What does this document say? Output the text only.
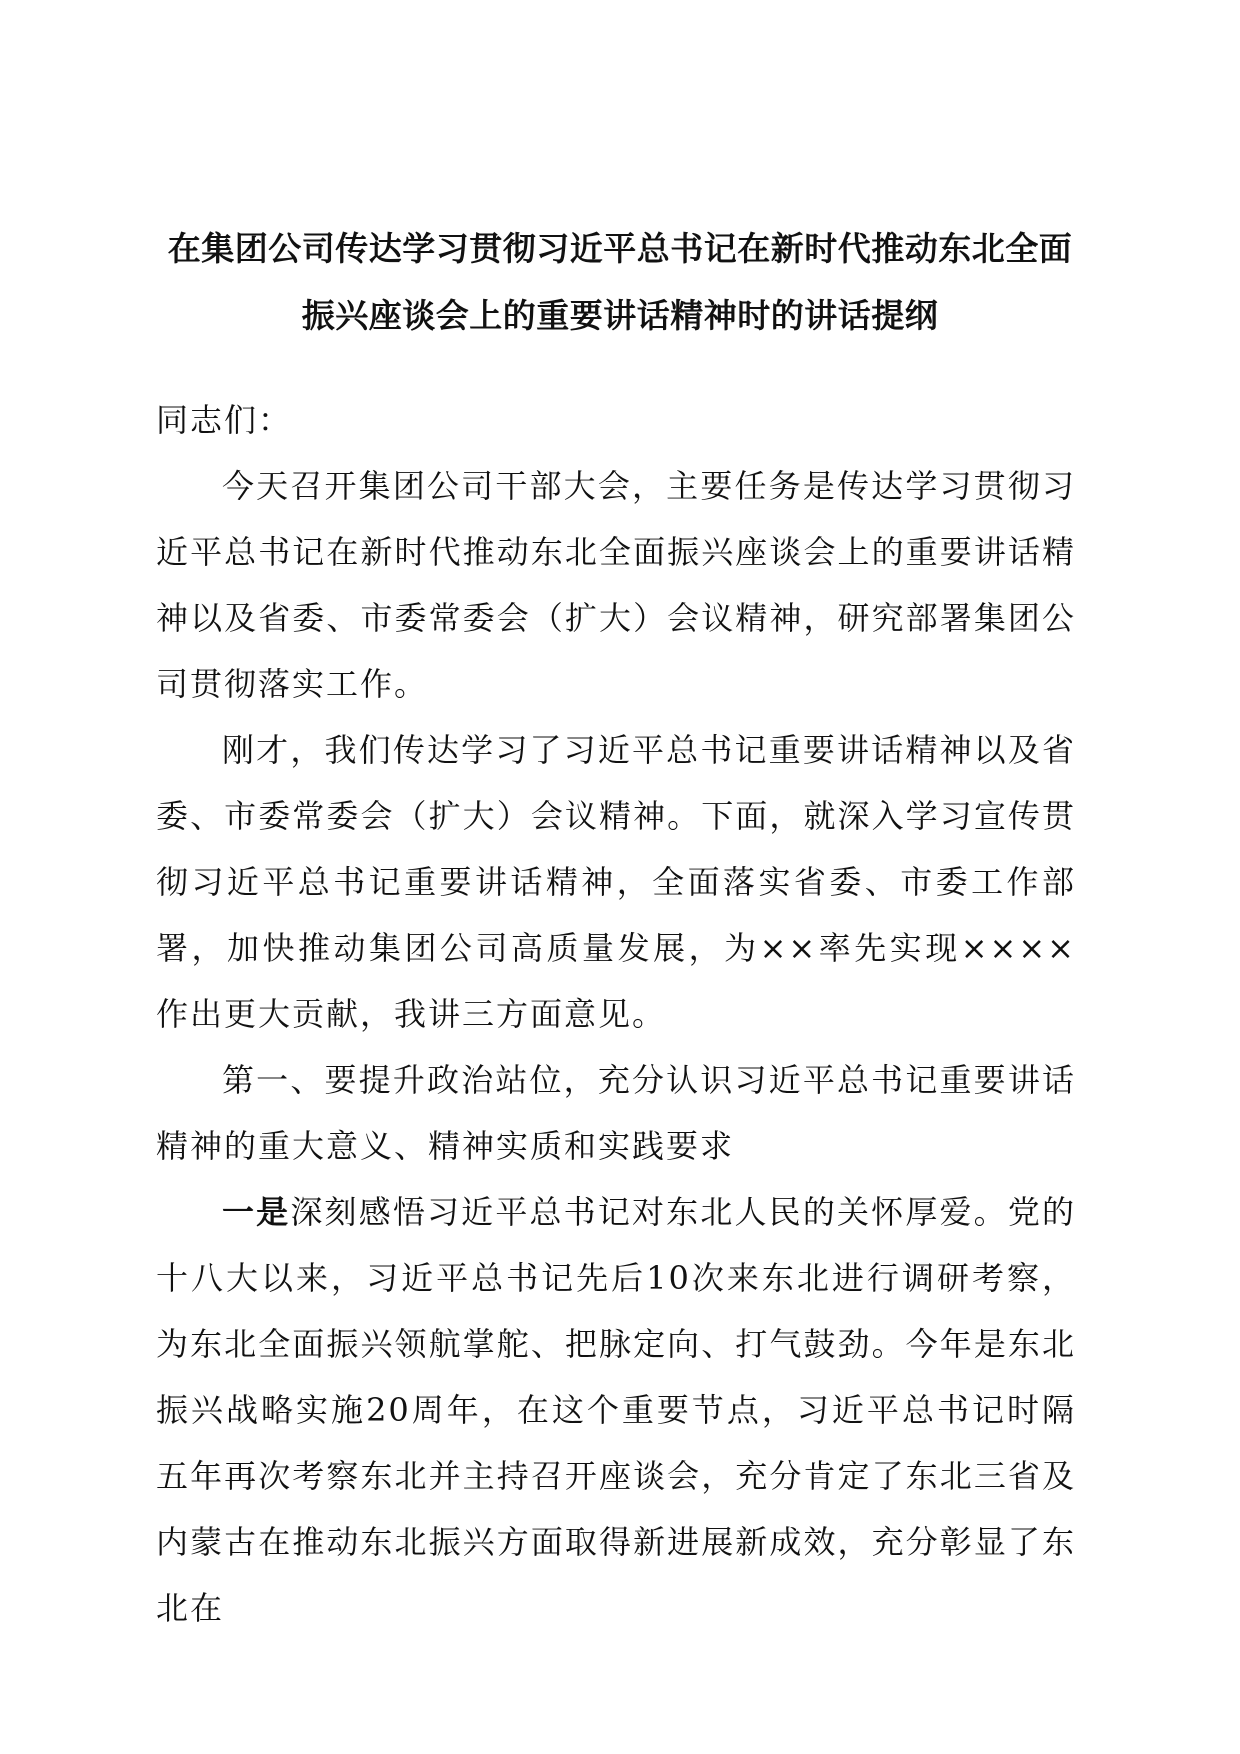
在集团公司传达学习贯彻习近平总书记在新时代推动东北全面
振兴座谈会上的重要讲话精神时的讲话提纲

同志们：

今天召开集团公司干部大会，主要任务是传达学习贯彻习近平总书记在新时代推动东北全面振兴座谈会上的重要讲话精神以及省委、市委常委会（扩大）会议精神，研究部署集团公司贯彻落实工作。

刚才，我们传达学习了习近平总书记重要讲话精神以及省委、市委常委会（扩大）会议精神。下面，就深入学习宣传贯彻习近平总书记重要讲话精神，全面落实省委、市委工作部署，加快推动集团公司高质量发展，为××率先实现××××作出更大贡献，我讲三方面意见。

第一、要提升政治站位，充分认识习近平总书记重要讲话精神的重大意义、精神实质和实践要求

一是深刻感悟习近平总书记对东北人民的关怀厚爱。党的十八大以来，习近平总书记先后10次来东北进行调研考察，为东北全面振兴领航掌舵、把脉定向、打气鼓劲。今年是东北振兴战略实施20周年，在这个重要节点，习近平总书记时隔五年再次考察东北并主持召开座谈会，充分肯定了东北三省及内蒙古在推动东北振兴方面取得新进展新成效，充分彰显了东北在
